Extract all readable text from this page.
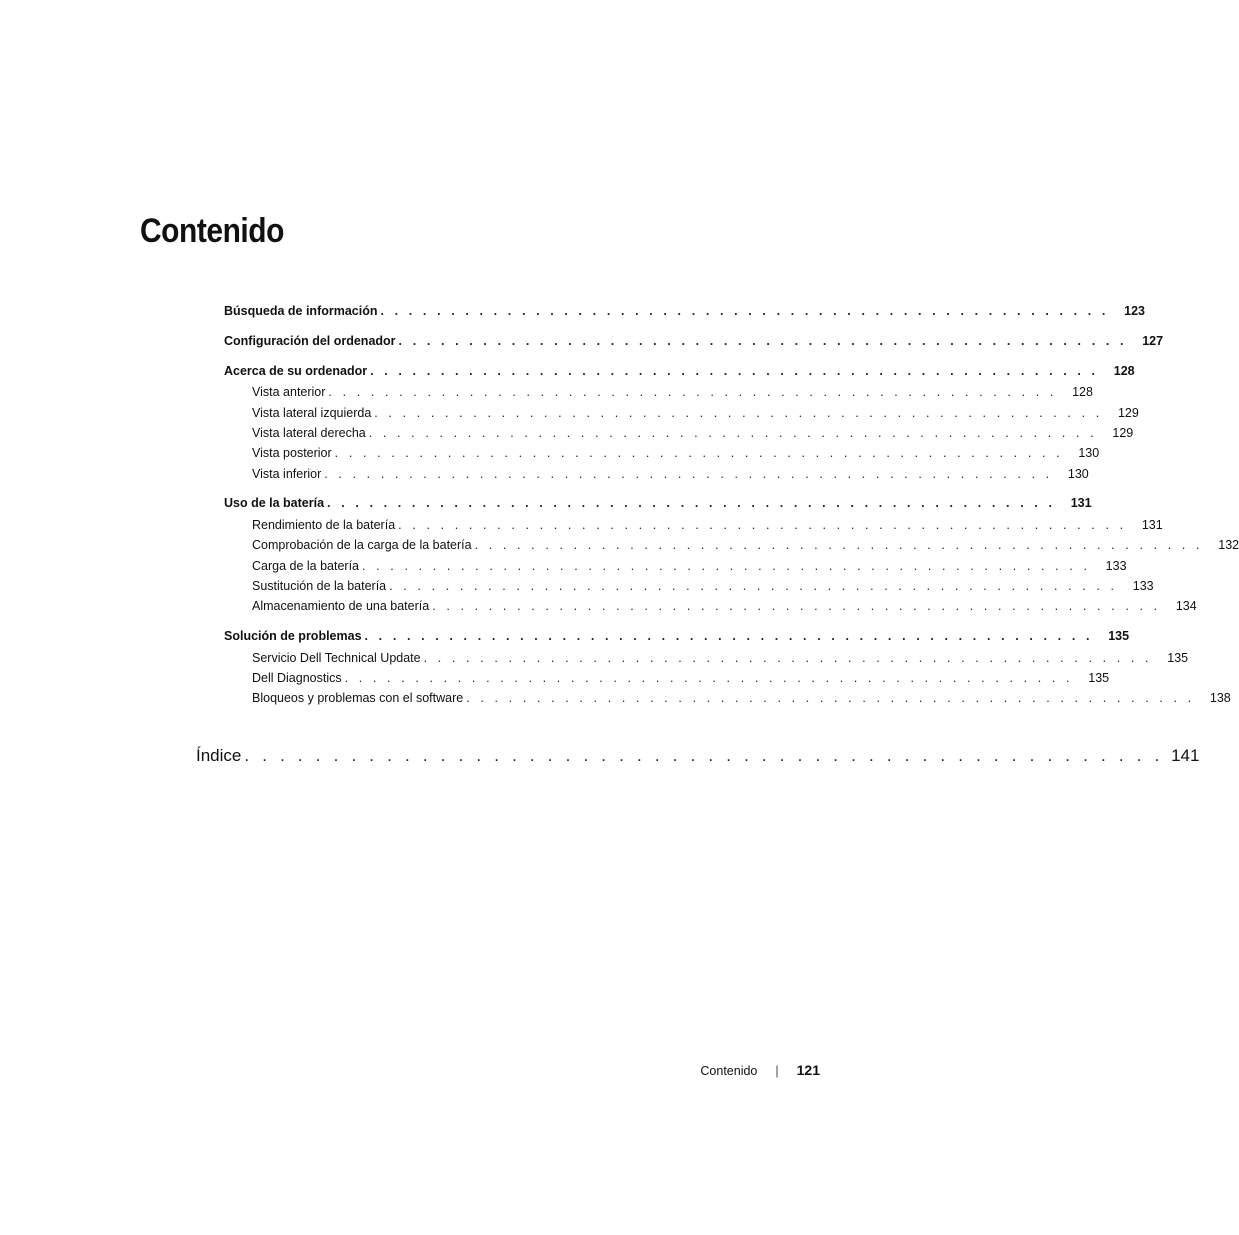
Contenido
Búsqueda de información . . . . . . . . . . . . . . . . . . . . . . . . . . . . . . . . . . . . . . . . . . . . . . . . . . . .	123
Configuración del ordenador . . . . . . . . . . . . . . . . . . . . . . . . . . . . . . . . . . . . . . . . . . . . . . . . . . . .	127
Acerca de su ordenador . . . . . . . . . . . . . . . . . . . . . . . . . . . . . . . . . . . . . . . . . . . . . . . . . . . .	128
Vista anterior . . . . . . . . . . . . . . . . . . . . . . . . . . . . . . . . . . . . . . . . . . . . . . . . . . . .	128
Vista lateral izquierda . . . . . . . . . . . . . . . . . . . . . . . . . . . . . . . . . . . . . . . . . . . . . . . . . . . .	129
Vista lateral derecha . . . . . . . . . . . . . . . . . . . . . . . . . . . . . . . . . . . . . . . . . . . . . . . . . . . .	129
Vista posterior . . . . . . . . . . . . . . . . . . . . . . . . . . . . . . . . . . . . . . . . . . . . . . . . . . . .	130
Vista inferior . . . . . . . . . . . . . . . . . . . . . . . . . . . . . . . . . . . . . . . . . . . . . . . . . . . .	130
Uso de la batería . . . . . . . . . . . . . . . . . . . . . . . . . . . . . . . . . . . . . . . . . . . . . . . . . . . .	131
Rendimiento de la batería . . . . . . . . . . . . . . . . . . . . . . . . . . . . . . . . . . . . . . . . . . . . . . . . . . . .	131
Comprobación de la carga de la batería . . . . . . . . . . . . . . . . . . . . . . . . . . . . . . . . . . . . . . . . . . . . . . . . . . . .	132
Carga de la batería . . . . . . . . . . . . . . . . . . . . . . . . . . . . . . . . . . . . . . . . . . . . . . . . . . . .	133
Sustitución de la batería . . . . . . . . . . . . . . . . . . . . . . . . . . . . . . . . . . . . . . . . . . . . . . . . . . . .	133
Almacenamiento de una batería . . . . . . . . . . . . . . . . . . . . . . . . . . . . . . . . . . . . . . . . . . . . . . . . . . . .	134
Solución de problemas . . . . . . . . . . . . . . . . . . . . . . . . . . . . . . . . . . . . . . . . . . . . . . . . . . . .	135
Servicio Dell Technical Update . . . . . . . . . . . . . . . . . . . . . . . . . . . . . . . . . . . . . . . . . . . . . . . . . . . .	135
Dell Diagnostics . . . . . . . . . . . . . . . . . . . . . . . . . . . . . . . . . . . . . . . . . . . . . . . . . . . .	135
Bloqueos y problemas con el software . . . . . . . . . . . . . . . . . . . . . . . . . . . . . . . . . . . . . . . . . . . . . . . . . . . .	138
Índice . . . . . . . . . . . . . . . . . . . . . . . . . . . . . . . . . . . . . . . . . . . . . . . . . . . . 141
Contenido | 121
